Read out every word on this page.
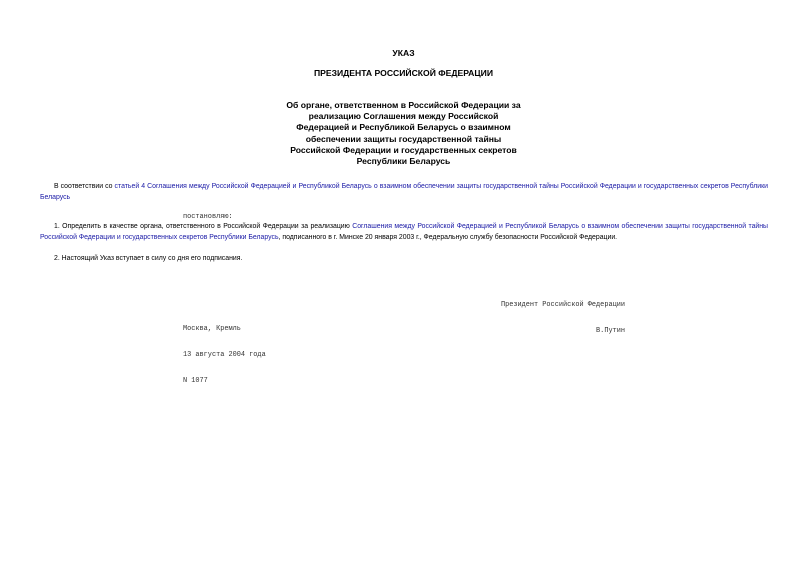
УКАЗ
ПРЕЗИДЕНТА РОССИЙСКОЙ ФЕДЕРАЦИИ
Об органе, ответственном в Российской Федерации за
реализацию Соглашения между Российской
Федерацией и Республикой Беларусь о взаимном
обеспечении защиты государственной тайны
Российской Федерации и государственных секретов
Республики Беларусь
В соответствии со статьей 4 Соглашения между Российской Федерацией и Республикой Беларусь о взаимном обеспечении защиты государственной тайны Российской Федерации и государственных секретов Республики Беларусь
постановляю:
1. Определить в качестве органа, ответственного в Российской Федерации за реализацию Соглашения между Российской Федерацией и Республикой Беларусь о взаимном обеспечении защиты государственной тайны Российской Федерации и государственных секретов Республики Беларусь, подписанного в г. Минске 20 января 2003 г., Федеральную службу безопасности Российской Федерации.
2. Настоящий Указ вступает в силу со дня его подписания.

Президент Российской Федерации

В.Путин

Москва, Кремль

13 августа 2004 года

N 1077
